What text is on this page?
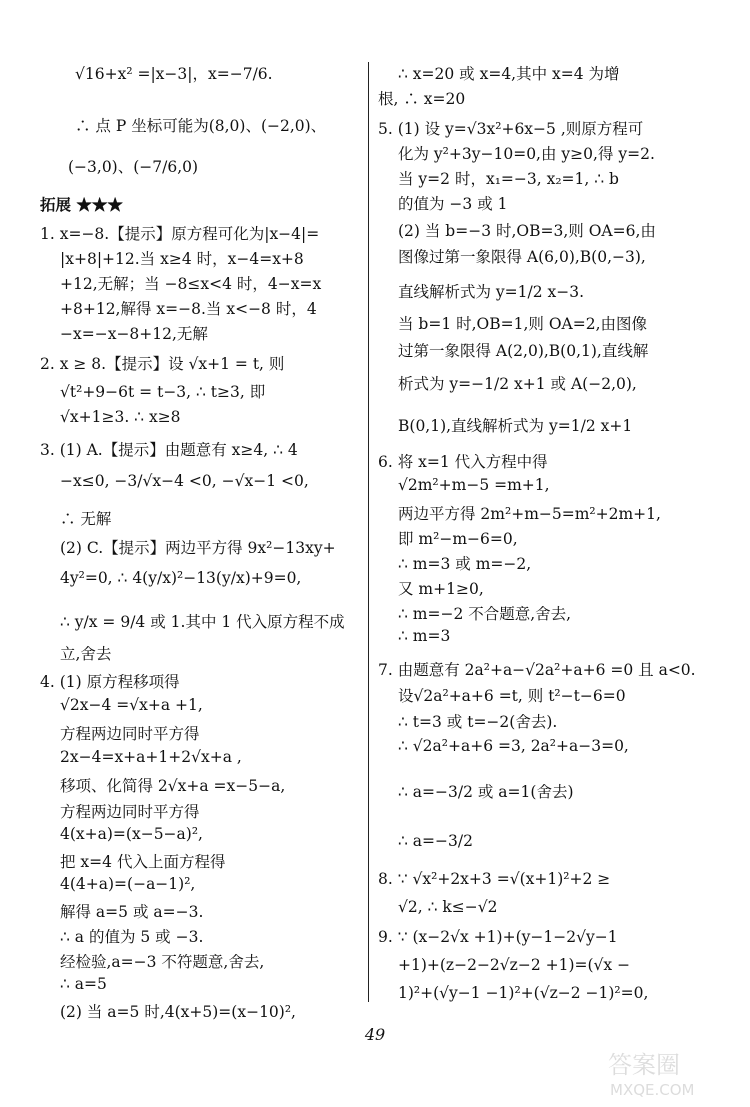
√16+x² =|x−3|，x=−7/6.

∴ 点 P 坐标可能为(8,0)、(−2,0)、

(−3,0)、(−7/6,0)

拓展 ★★★

1. x=−8.【提示】原方程可化为|x−4|=

|x+8|+12.当 x≥4 时，x−4=x+8

+12,无解；当 −8≤x<4 时，4−x=x

+8+12,解得 x=−8.当 x<−8 时，4

−x=−x−8+12,无解

2. x ≥ 8.【提示】设 √x+1 = t, 则

√t²+9−6t = t−3, ∴ t≥3, 即

√x+1≥3. ∴ x≥8

3. (1) A.【提示】由题意有 x≥4, ∴ 4

−x≤0, −3/√x−4 <0, −√x−1 <0,

∴ 无解

(2) C.【提示】两边平方得 9x²−13xy+

4y²=0, ∴ 4(y/x)²−13(y/x)+9=0,

∴ y/x = 9/4 或 1.其中 1 代入原方程不成

立,舍去

4. (1) 原方程移项得

√2x−4 =√x+a +1,

方程两边同时平方得

2x−4=x+a+1+2√x+a ,

移项、化简得 2√x+a =x−5−a,

方程两边同时平方得

4(x+a)=(x−5−a)²,

把 x=4 代入上面方程得

4(4+a)=(−a−1)²,

解得 a=5 或 a=−3.

∴ a 的值为 5 或 −3.

经检验,a=−3 不符题意,舍去,

∴ a=5

(2) 当 a=5 时,4(x+5)=(x−10)²,

∴ x=20 或 x=4,其中 x=4 为增

根, ∴ x=20

5. (1) 设 y=√3x²+6x−5 ,则原方程可

化为 y²+3y−10=0,由 y≥0,得 y=2.

当 y=2 时，x₁=−3, x₂=1, ∴ b

的值为 −3 或 1

(2) 当 b=−3 时,OB=3,则 OA=6,由

图像过第一象限得 A(6,0),B(0,−3),

直线解析式为 y=1/2 x−3.

当 b=1 时,OB=1,则 OA=2,由图像

过第一象限得 A(2,0),B(0,1),直线解

析式为 y=−1/2 x+1 或 A(−2,0),

B(0,1),直线解析式为 y=1/2 x+1

6. 将 x=1 代入方程中得

√2m²+m−5 =m+1,

两边平方得 2m²+m−5=m²+2m+1,

即 m²−m−6=0,

∴ m=3 或 m=−2,

又 m+1≥0,

∴ m=−2 不合题意,舍去,

∴ m=3

7. 由题意有 2a²+a−√2a²+a+6 =0 且 a<0.

设√2a²+a+6 =t, 则 t²−t−6=0

∴ t=3 或 t=−2(舍去).

∴ √2a²+a+6 =3, 2a²+a−3=0,

∴ a=−3/2 或 a=1(舍去)

∴ a=−3/2

8. ∵ √x²+2x+3 =√(x+1)²+2 ≥

√2, ∴ k≤−√2

9. ∵ (x−2√x +1)+(y−1−2√y−1

+1)+(z−2−2√z−2 +1)=(√x −

1)²+(√y−1 −1)²+(√z−2 −1)²=0,

49
答案圈
MXQE.COM
